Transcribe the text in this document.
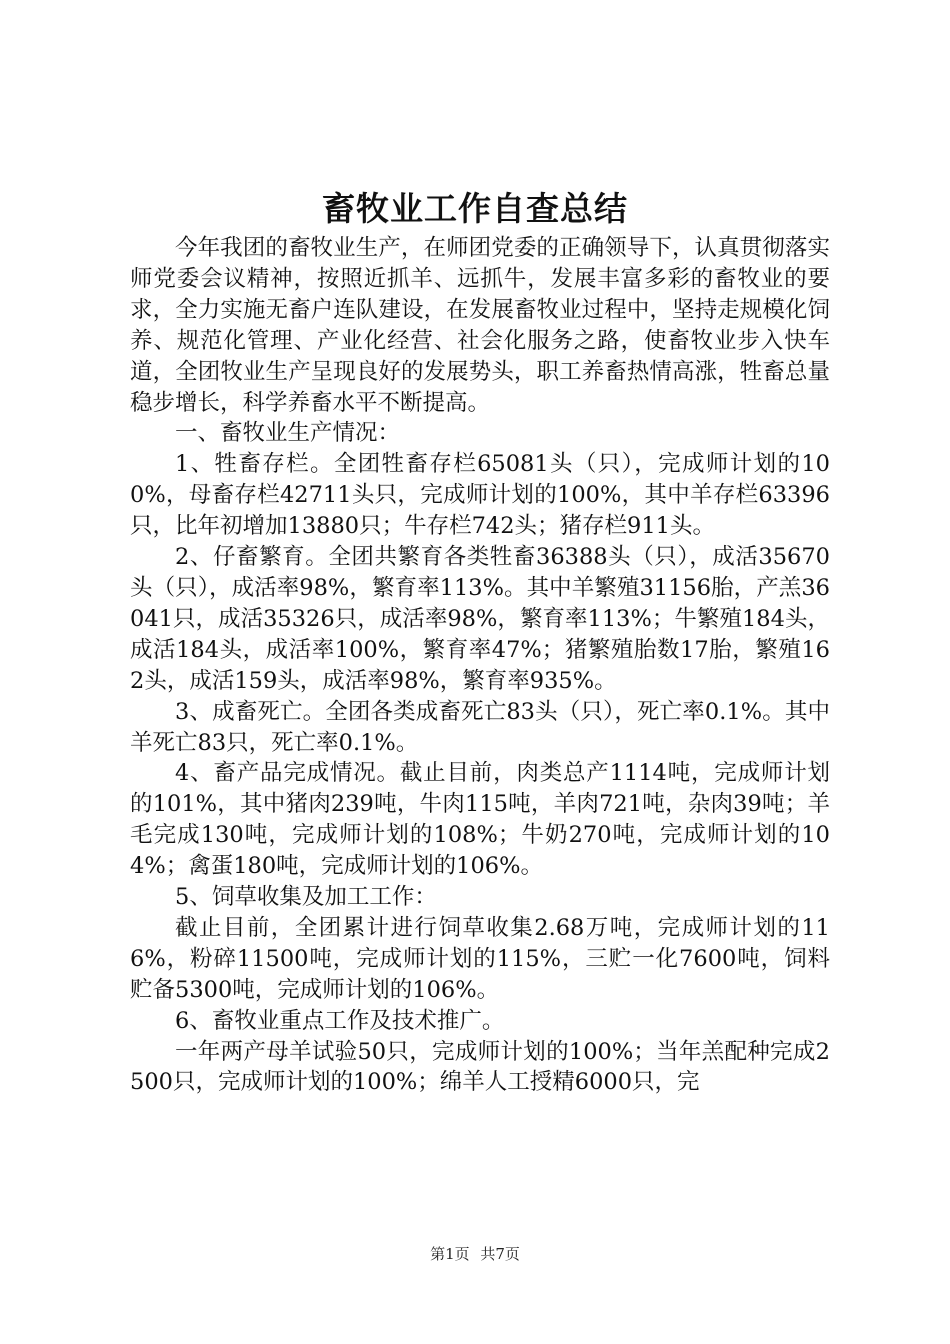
畜牧业工作自查总结

今年我团的畜牧业生产，在师团党委的正确领导下，认真贯彻落实师党委会议精神，按照近抓羊、远抓牛，发展丰富多彩的畜牧业的要求，全力实施无畜户连队建设，在发展畜牧业过程中，坚持走规模化饲养、规范化管理、产业化经营、社会化服务之路，使畜牧业步入快车道，全团牧业生产呈现良好的发展势头，职工养畜热情高涨，牲畜总量稳步增长，科学养畜水平不断提高。

一、畜牧业生产情况：

1、牲畜存栏。全团牲畜存栏65081头（只），完成师计划的100%，母畜存栏42711头只，完成师计划的100%，其中羊存栏63396只，比年初增加13880只；牛存栏742头；猪存栏911头。

2、仔畜繁育。全团共繁育各类牲畜36388头（只），成活35670头（只），成活率98%，繁育率113%。其中羊繁殖31156胎，产羔36041只，成活35326只，成活率98%，繁育率113%；牛繁殖184头，成活184头，成活率100%，繁育率47%；猪繁殖胎数17胎，繁殖162头，成活159头，成活率98%，繁育率935%。

3、成畜死亡。全团各类成畜死亡83头（只），死亡率0.1%。其中羊死亡83只，死亡率0.1%。

4、畜产品完成情况。截止目前，肉类总产1114吨，完成师计划的101%，其中猪肉239吨，牛肉115吨，羊肉721吨，杂肉39吨；羊毛完成130吨，完成师计划的108%；牛奶270吨，完成师计划的104%；禽蛋180吨，完成师计划的106%。

5、饲草收集及加工工作：

截止目前，全团累计进行饲草收集2.68万吨，完成师计划的116%，粉碎11500吨，完成师计划的115%，三贮一化7600吨，饲料贮备5300吨，完成师计划的106%。

6、畜牧业重点工作及技术推广。

一年两产母羊试验50只，完成师计划的100%；当年羔配种完成2500只，完成师计划的100%；绵羊人工授精6000只，完

第1页 共7页
